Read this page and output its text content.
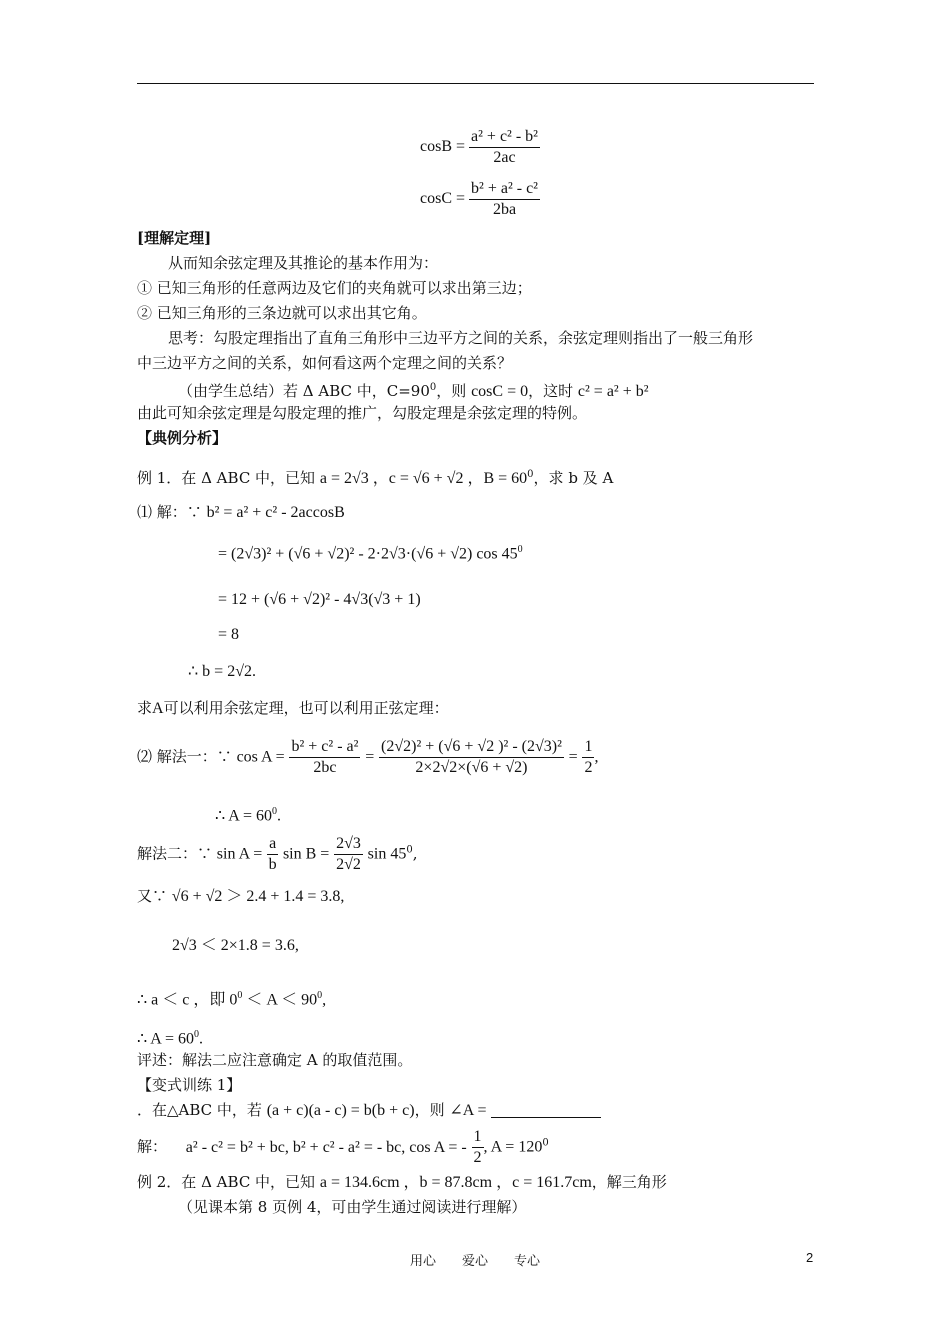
$\cos B = \frac{\text{a² + c² - b²}}{2ac}$
$\cos C = \frac{\text{b² + a² - c²}}{2ba}$
[理解定理]
从而知余弦定理及其推论的基本作用为：
① 已知三角形的任意两边及它们的夹角就可以求出第三边；
② 已知三角形的三条边就可以求出其它角。
思考：勾股定理指出了直角三角形中三边平方之间的关系，余弦定理则指出了一般三角形
中三边平方之间的关系，如何看这两个定理之间的关系？
（由学生总结）若 Δ ABC 中，$C=90^0$，则 cosC = 0，这时 c² = a² + b²
由此可知余弦定理是勾股定理的推广，勾股定理是余弦定理的特例。
【典例分析】
例 1．在 Δ ABC 中，已知 a = 2√3 ，c = √6 + √2 ，$B = 60^0$，求 b 及 A
⑴ 解：∵ b² = a² + c² - 2accosB
= (2√3)² + (√6 + √2)² - 2·2√3·(√6 + √2) $\cos 45^0$
= 12 + (√6 + √2)² - 4√3(√3 + 1)
= 8
∴ b = 2√2.
求A可以利用余弦定理，也可以利用正弦定理：
⑵ 解法一：∵ $\cos A = \frac{\text{b² + c² - a²}}{2bc} = \frac{\text{(2√2)² + (√6 + √2 )² - (2√3)²}}{2\times 2√2\times(√6 + √2)} = \frac{1}{2}$ ,
∴ $A = 60^0$.
解法二：∵ $\sin A = \frac{a}{b}$ $\sin B = \frac{2√3}{2√2}$ $\sin 45^0$,
又∵ √6 + √2 ＞ 2.4 + 1.4 = 3.8,
2√3 ＜ 2×1.8 = 3.6,
∴ a ＜ c ，即 $0^0 < A < 90^0$,
∴ $A = 60^0$.
评述：解法二应注意确定 A 的取值范围。
【变式训练 1】
．在△ABC 中，若 (a + c)(a - c) = b(b + c)，则 ∠A =
解： a² - c² = b² + bc, b² + c² - a² = - bc, cos A = - $\frac{1}{2}$ , $A = 120^0$
例 2．在 Δ ABC 中，已知 a = 134.6cm ，b = 87.8cm ，c = 161.7cm，解三角形
（见课本第 8 页例 4，可由学生通过阅读进行理解）
用心　　爱心　　专心	2
